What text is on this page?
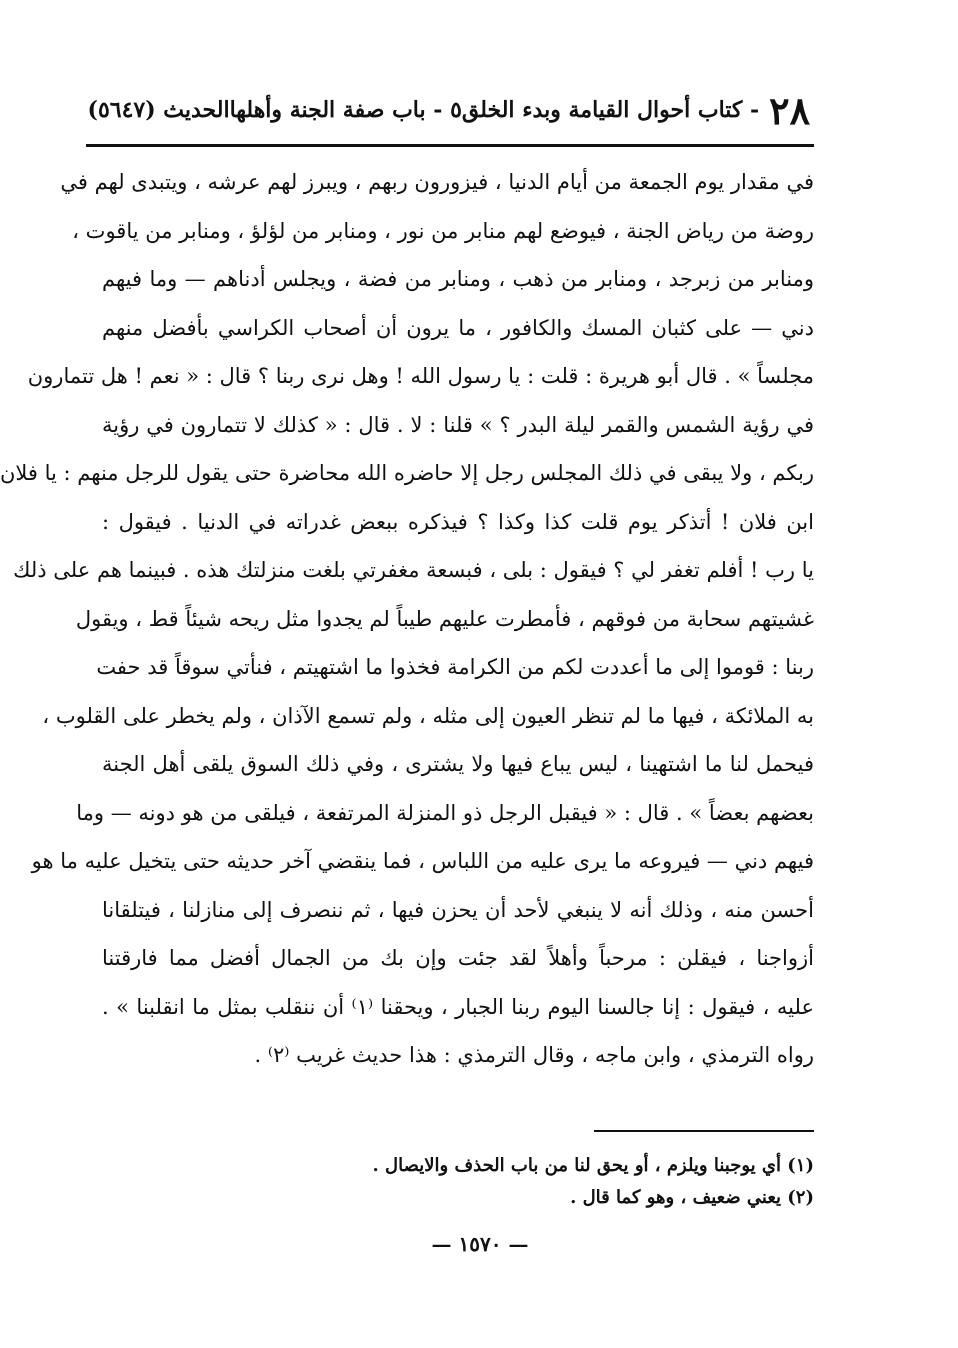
٢٨
- كتاب أحوال القيامة وبدء الخلق
٥ - باب صفة الجنة وأهلها
الحديث (٥٦٤٧)
في مقدار يوم الجمعة من أيام الدنيا ، فيزورون ربهم ، ويبرز لهم عرشه ، ويتبدى لهم في
روضة من رياض الجنة ، فيوضع لهم منابر من نور ، ومنابر من لؤلؤ ، ومنابر من ياقوت ،
ومنابر من زبرجد ، ومنابر من ذهب ، ومنابر من فضة ، ويجلس أدناهم — وما فيهم
دني — على كثبان المسك والكافور ، ما يرون أن أصحاب الكراسي بأفضل منهم
مجلساً » . قال أبو هريرة : قلت : يا رسول الله ! وهل نرى ربنا ؟ قال : « نعم ! هل تتمارون
في رؤية الشمس والقمر ليلة البدر ؟ » قلنا : لا . قال : « كذلك لا تتمارون في رؤية
ربكم ، ولا يبقى في ذلك المجلس رجل إلا حاضره الله محاضرة حتى يقول للرجل منهم : يا فلان
ابن فلان ! أتذكر يوم قلت كذا وكذا ؟ فيذكره ببعض غدراته في الدنيا . فيقول :
يا رب ! أفلم تغفر لي ؟ فيقول : بلى ، فبسعة مغفرتي بلغت منزلتك هذه . فبينما هم على ذلك
غشيتهم سحابة من فوقهم ، فأمطرت عليهم طيباً لم يجدوا مثل ريحه شيئاً قط ، ويقول
ربنا : قوموا إلى ما أعددت لكم من الكرامة فخذوا ما اشتهيتم ، فنأتي سوقاً قد حفت
به الملائكة ، فيها ما لم تنظر العيون إلى مثله ، ولم تسمع الآذان ، ولم يخطر على القلوب ،
فيحمل لنا ما اشتهينا ، ليس يباع فيها ولا يشترى ، وفي ذلك السوق يلقى أهل الجنة
بعضهم بعضاً » . قال : « فيقبل الرجل ذو المنزلة المرتفعة ، فيلقى من هو دونه — وما
فيهم دني — فيروعه ما يرى عليه من اللباس ، فما ينقضي آخر حديثه حتى يتخيل عليه ما هو
أحسن منه ، وذلك أنه لا ينبغي لأحد أن يحزن فيها ، ثم ننصرف إلى منازلنا ، فيتلقانا
أزواجنا ، فيقلن : مرحباً وأهلاً لقد جئت وإن بك من الجمال أفضل مما فارقتنا
عليه ، فيقول : إنا جالسنا اليوم ربنا الجبار ، ويحقنا ⁽١⁾ أن ننقلب بمثل ما انقلبنا » .
رواه الترمذي ، وابن ماجه ، وقال الترمذي : هذا حديث غريب ⁽٢⁾ .
(١) أي يوجبنا ويلزم ، أو يحق لنا من باب الحذف والايصال .
(٢) يعني ضعيف ، وهو كما قال .
— ١٥٧٠ —
